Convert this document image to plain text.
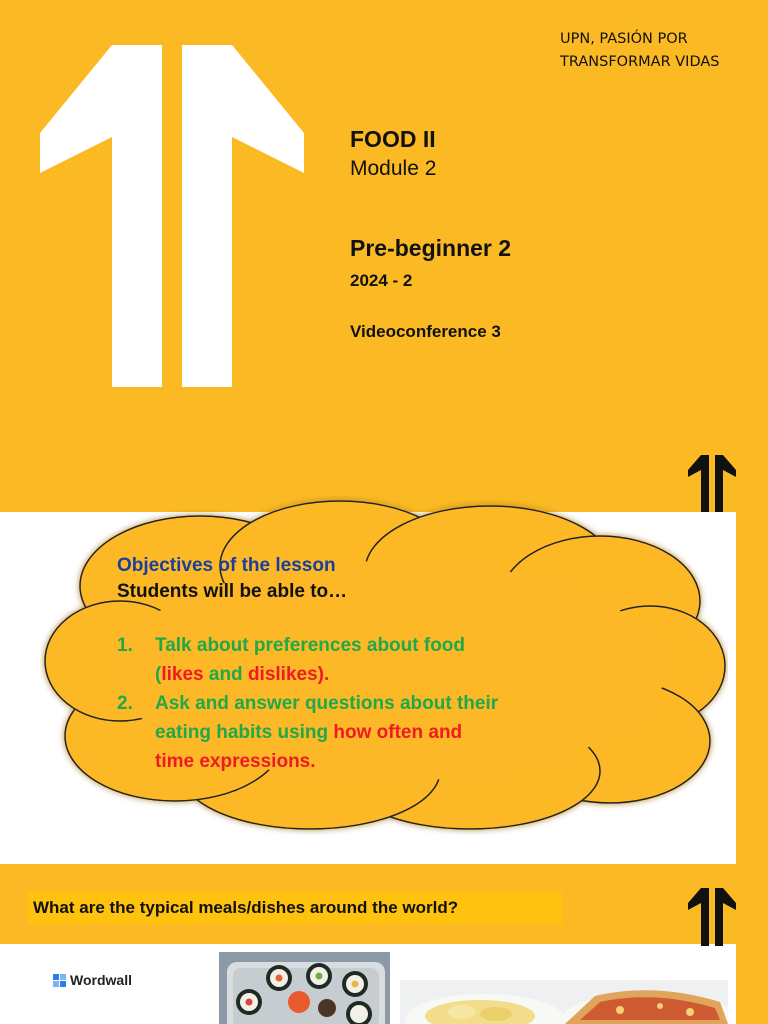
UPN, PASIÓN POR
TRANSFORMAR VIDAS
FOOD II
Module 2
Pre-beginner 2
2024 - 2
Videoconference 3
Objectives of the lesson
Students will be able to…
1. Talk about preferences about food
(likes and dislikes).
2. Ask and answer questions about their
eating habits using how often and
time expressions.
What are the typical meals/dishes around the world?
Wordwall
